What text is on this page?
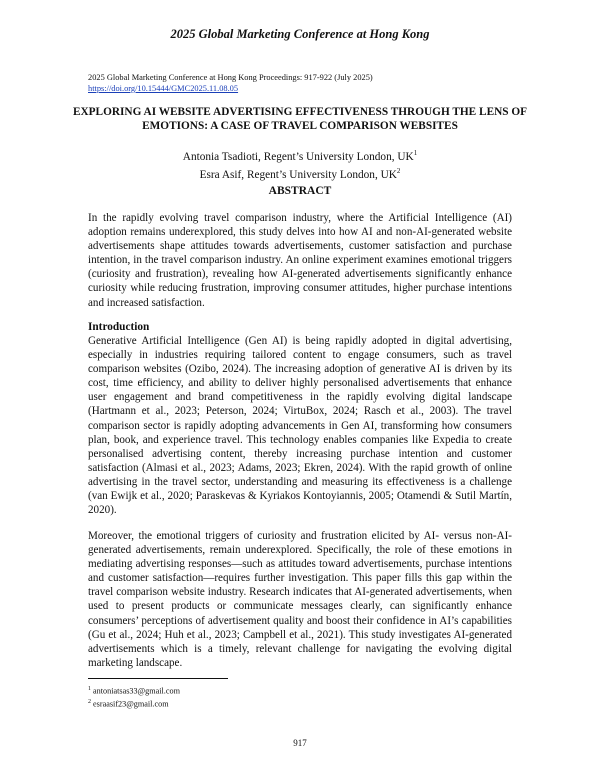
2025 Global Marketing Conference at Hong Kong
2025 Global Marketing Conference at Hong Kong Proceedings: 917-922 (July 2025)
https://doi.org/10.15444/GMC2025.11.08.05
EXPLORING AI WEBSITE ADVERTISING EFFECTIVENESS THROUGH THE LENS OF EMOTIONS: A CASE OF TRAVEL COMPARISON WEBSITES
Antonia Tsadioti, Regent’s University London, $UK^1$
Esra Asif, Regent’s University London, $UK^2$
ABSTRACT
In the rapidly evolving travel comparison industry, where the Artificial Intelligence (AI) adoption remains underexplored, this study delves into how AI and non-AI-generated website advertisements shape attitudes towards advertisements, customer satisfaction and purchase intention, in the travel comparison industry. An online experiment examines emotional triggers (curiosity and frustration), revealing how AI-generated advertisements significantly enhance curiosity while reducing frustration, improving consumer attitudes, higher purchase intentions and increased satisfaction.
Introduction
Generative Artificial Intelligence (Gen AI) is being rapidly adopted in digital advertising, especially in industries requiring tailored content to engage consumers, such as travel comparison websites (Ozibo, 2024). The increasing adoption of generative AI is driven by its cost, time efficiency, and ability to deliver highly personalised advertisements that enhance user engagement and brand competitiveness in the rapidly evolving digital landscape (Hartmann et al., 2023; Peterson, 2024; VirtuBox, 2024; Rasch et al., 2003). The travel comparison sector is rapidly adopting advancements in Gen AI, transforming how consumers plan, book, and experience travel. This technology enables companies like Expedia to create personalised advertising content, thereby increasing purchase intention and customer satisfaction (Almasi et al., 2023; Adams, 2023; Ekren, 2024). With the rapid growth of online advertising in the travel sector, understanding and measuring its effectiveness is a challenge (van Ewijk et al., 2020; Paraskevas & Kyriakos Kontoyiannis, 2005; Otamendi & Sutil Martín, 2020).
Moreover, the emotional triggers of curiosity and frustration elicited by AI- versus non-AI-generated advertisements, remain underexplored. Specifically, the role of these emotions in mediating advertising responses—such as attitudes toward advertisements, purchase intentions and customer satisfaction—requires further investigation. This paper fills this gap within the travel comparison website industry. Research indicates that AI-generated advertisements, when used to present products or communicate messages clearly, can significantly enhance consumers’ perceptions of advertisement quality and boost their confidence in AI’s capabilities (Gu et al., 2024; Huh et al., 2023; Campbell et al., 2021). This study investigates AI-generated advertisements which is a timely, relevant challenge for navigating the evolving digital marketing landscape.
$^1$ antoniatsas33@gmail.com
$^2$ esraasif23@gmail.com
917
